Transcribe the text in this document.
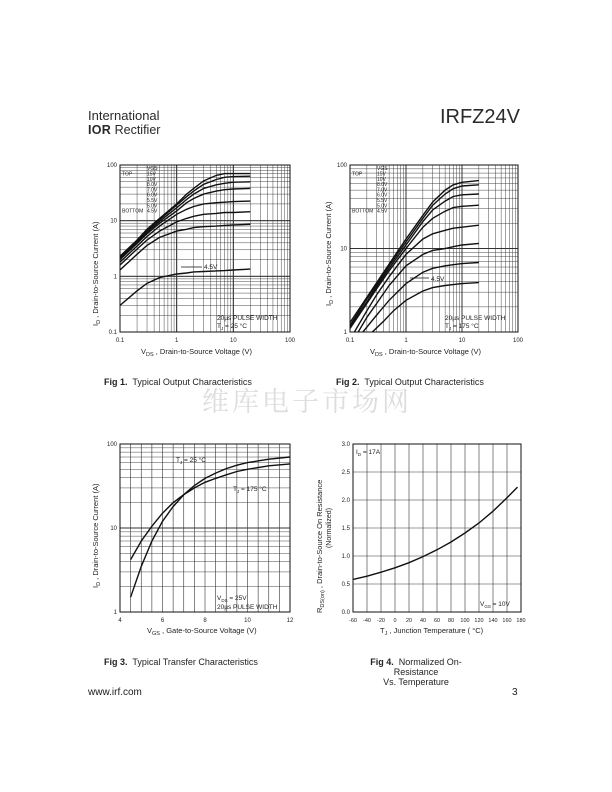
International
IOR Rectifier
IRFZ24V
维库电子市场网
0.1	1	10	100
0.1
1
10
100	VGS
TOP	15V
10V
8.0V
7.0V
6.0V
5.5V
5.0V
4.5V
BOTTOM
4.5V
20µs PULSE WIDTH
$T_J = 25$ °C
$V_{DS}$ , Drain-to-Source Voltage (V)
$I_D$ , Drain-to-Source Current (A)
0.1	1	10	100
1
10
100	VGS
TOP	15V
10V
8.0V
7.0V
6.0V
5.5V
5.0V
4.5V
BOTTOM
4.5V
20µs PULSE WIDTH
$T_J = 175$ °C
$V_{DS}$ , Drain-to-Source Voltage (V)
$I_D$ , Drain-to-Source Current (A)
4	6	8	10	12
1
10
100
$T_J = 25$ °C
$T_J = 175$ °C
$V_{DS} = 25V$
20µs PULSE WIDTH
$V_{GS}$ , Gate-to-Source Voltage (V)
$I_D$ , Drain-to-Source Current (A)
-60 -40 -20 0 20 40 60 80 100 120 140 160 180
0.0
0.5
1.0
1.5
2.0
2.5
3.0
$I_D = 17A$
$V_{GS} = 10V$
$T_J$ , Junction Temperature ( °C)
$R_{DS(on)}$ , Drain-to-Source On Resistance (Normalized)
Fig 1. Typical Output Characteristics	Fig 2. Typical Output Characteristics
Fig 3. Typical Transfer Characteristics	Fig 4. Normalized On-Resistance
Vs. Temperature
www.irf.com	3
